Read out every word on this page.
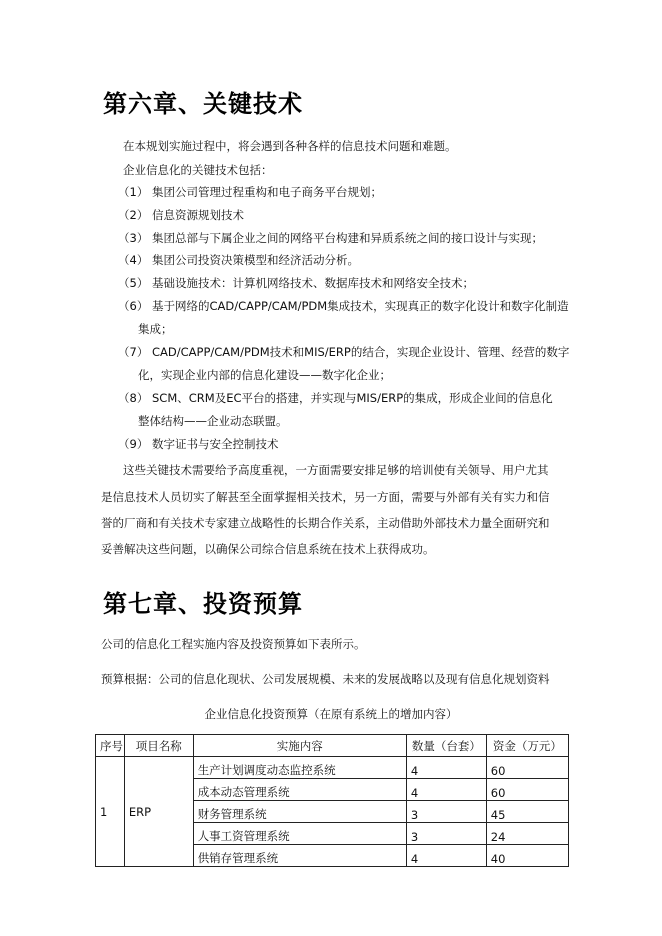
第六章、关键技术
在本规划实施过程中，将会遇到各种各样的信息技术问题和难题。
企业信息化的关键技术包括：
（1） 集团公司管理过程重构和电子商务平台规划；
（2） 信息资源规划技术
（3） 集团总部与下属企业之间的网络平台构建和异质系统之间的接口设计与实现；
（4） 集团公司投资决策模型和经济活动分析。
（5） 基础设施技术：计算机网络技术、数据库技术和网络安全技术；
（6） 基于网络的CAD/CAPP/CAM/PDM集成技术，实现真正的数字化设计和数字化制造
集成；
（7） CAD/CAPP/CAM/PDM技术和MIS/ERP的结合，实现企业设计、管理、经营的数字
化，实现企业内部的信息化建设——数字化企业；
（8） SCM、CRM及EC平台的搭建，并实现与MIS/ERP的集成，形成企业间的信息化
整体结构——企业动态联盟。
（9） 数字证书与安全控制技术
这些关键技术需要给予高度重视，一方面需要安排足够的培训使有关领导、用户尤其
是信息技术人员切实了解甚至全面掌握相关技术，另一方面，需要与外部有关有实力和信
誉的厂商和有关技术专家建立战略性的长期合作关系，主动借助外部技术力量全面研究和
妥善解决这些问题，以确保公司综合信息系统在技术上获得成功。
第七章、投资预算
公司的信息化工程实施内容及投资预算如下表所示。
预算根据：公司的信息化现状、公司发展规模、未来的发展战略以及现有信息化规划资料
企业信息化投资预算（在原有系统上的增加内容）
序号	项目名称	实施内容	数量（台套）	资金（万元）
1	ERP	生产计划调度动态监控系统	4	60
		成本动态管理系统	4	60
		财务管理系统	3	45
		人事工资管理系统	3	24
		供销存管理系统	4	40
